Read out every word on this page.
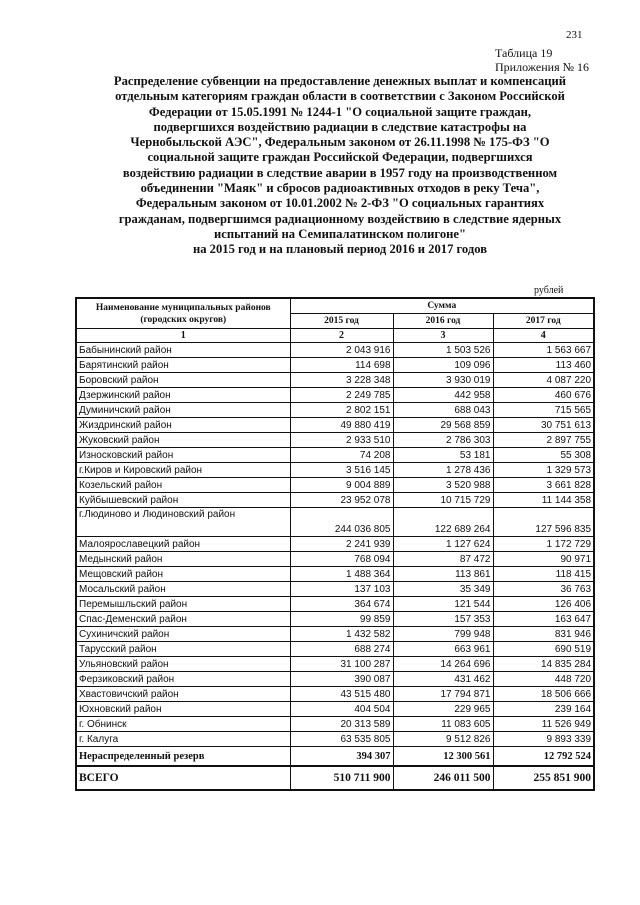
231
Таблица 19
Приложения № 16
Распределение субвенции на предоставление денежных выплат и компенсаций
отдельным категориям граждан области в соответствии с Законом Российской
Федерации от 15.05.1991 № 1244-1 "О социальной защите граждан,
подвергшихся воздействию радиации в следствие катастрофы на
Чернобыльской АЭС", Федеральным законом от 26.11.1998 № 175-ФЗ "О
социальной защите граждан Российской Федерации, подвергшихся
воздействию радиации в следствие аварии в 1957 году на производственном
объединении "Маяк" и сбросов радиоактивных отходов в реку Теча",
Федеральным законом от 10.01.2002 № 2-ФЗ "О социальных гарантиях
гражданам, подвергшимся радиационному воздействию в следствие ядерных
испытаний на Семипалатинском полигоне"
на 2015 год и на плановый период 2016 и 2017 годов
рублей
Наименование муниципальных районов (городских округов)	Сумма		
	2015 год	2016 год	2017 год
1	2	3	4
Бабынинский район	2 043 916	1 503 526	1 563 667
Барятинский район	114 698	109 096	113 460
Боровский район	3 228 348	3 930 019	4 087 220
Дзержинский район	2 249 785	442 958	460 676
Думиничский район	2 802 151	688 043	715 565
Жиздринский район	49 880 419	29 568 859	30 751 613
Жуковский район	2 933 510	2 786 303	2 897 755
Износковский район	74 208	53 181	55 308
г.Киров и Кировский район	3 516 145	1 278 436	1 329 573
Козельский район	9 004 889	3 520 988	3 661 828
Куйбышевский район	23 952 078	10 715 729	11 144 358
г.Людиново и Людиновский район	244 036 805	122 689 264	127 596 835
Малоярославецкий район	2 241 939	1 127 624	1 172 729
Медынский район	768 094	87 472	90 971
Мещовский район	1 488 364	113 861	118 415
Мосальский район	137 103	35 349	36 763
Перемышльский район	364 674	121 544	126 406
Спас-Деменский район	99 859	157 353	163 647
Сухиничский район	1 432 582	799 948	831 946
Тарусский район	688 274	663 961	690 519
Ульяновский район	31 100 287	14 264 696	14 835 284
Ферзиковский район	390 087	431 462	448 720
Хвастовичский район	43 515 480	17 794 871	18 506 666
Юхновский район	404 504	229 965	239 164
г. Обнинск	20 313 589	11 083 605	11 526 949
г. Калуга	63 535 805	9 512 826	9 893 339
Нераспределенный резерв	394 307	12 300 561	12 792 524
ВСЕГО	510 711 900	246 011 500	255 851 900
